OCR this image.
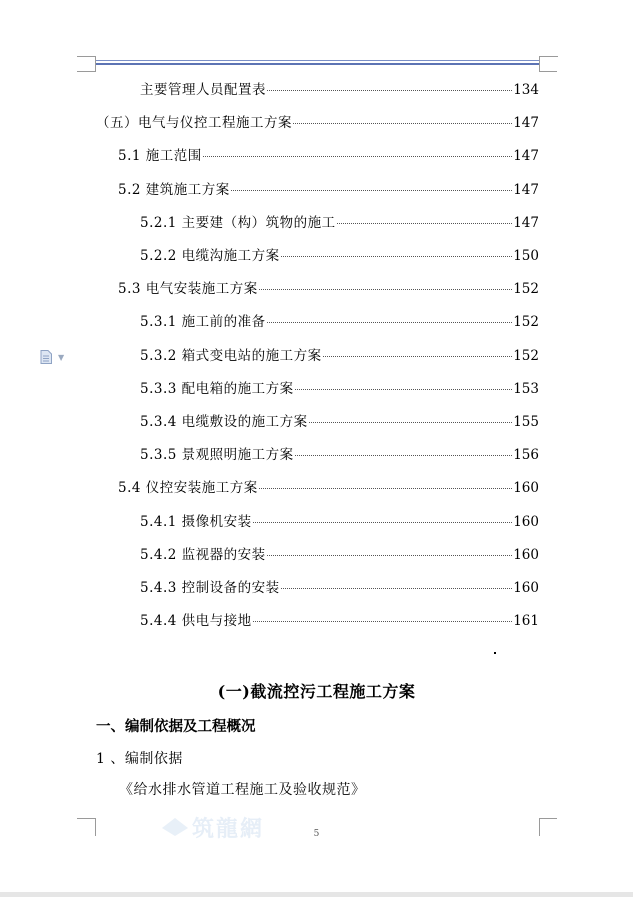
主要管理人员配置表	134
（五）电气与仪控工程施工方案	147
5.1 施工范围	147
5.2 建筑施工方案	147
5.2.1 主要建（构）筑物的施工	147
5.2.2 电缆沟施工方案	150
5.3 电气安装施工方案	152
5.3.1 施工前的准备	152
5.3.2 箱式变电站的施工方案	152
5.3.3 配电箱的施工方案	153
5.3.4 电缆敷设的施工方案	155
5.3.5 景观照明施工方案	156
5.4 仪控安装施工方案	160
5.4.1 摄像机安装	160
5.4.2 监视器的安装	160
5.4.3 控制设备的安装	160
5.4.4 供电与接地	161
▼
(一)截流控污工程施工方案
一、编制依据及工程概况
1 、编制依据
《给水排水管道工程施工及验收规范》
筑龍網	5
